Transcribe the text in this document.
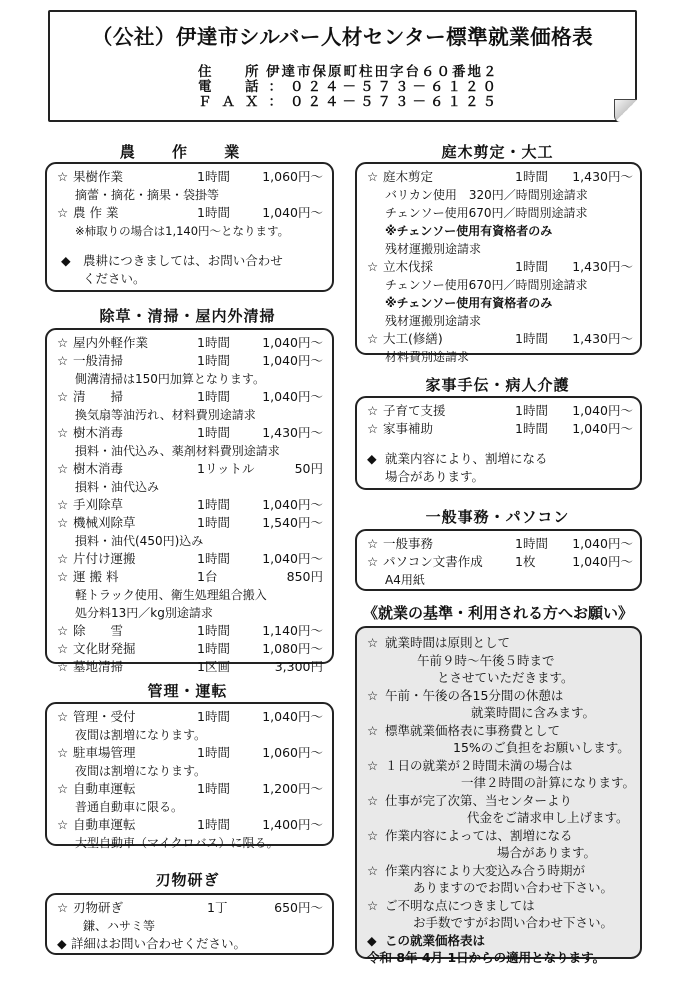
（公社）伊達市シルバー人材センター標準就業価格表
住　所：
伊達市保原町柱田字台６０番地２
電　話：
０２４－５７３－６１２０
ＦＡＸ：
０２４－５７３－６１２５
農 作 業
☆ 果樹作業	1時間	1,060円～
摘蕾・摘花・摘果・袋掛等
☆ 農 作 業	1時間	1,040円～
※柿取りの場合は1,140円～となります。
◆ 農耕につきましては、お問い合わせ
ください。
除草・清掃・屋内外清掃
☆ 屋内外軽作業	1時間	1,040円～
☆ 一般清掃	1時間	1,040円～
側溝清掃は150円加算となります。
☆ 清　　掃	1時間	1,040円～
換気扇等油汚れ、材料費別途請求
☆ 樹木消毒	1時間	1,430円～
損料・油代込み、薬剤材料費別途請求
☆ 樹木消毒	1リットル	50円
損料・油代込み
☆ 手刈除草	1時間	1,040円～
☆ 機械刈除草	1時間	1,540円～
損料・油代(450円)込み
☆ 片付け運搬	1時間	1,040円～
☆ 運 搬 料	1台	850円
軽トラック使用、衛生処理組合搬入
処分料13円／kg別途請求
☆ 除　　雪	1時間	1,140円～
☆ 文化財発掘	1時間	1,080円～
☆ 墓地清掃	1区画	3,300円
管理・運転
☆ 管理・受付	1時間	1,040円～
夜間は割増になります。
☆ 駐車場管理	1時間	1,060円～
夜間は割増になります。
☆ 自動車運転	1時間	1,200円～
普通自動車に限る。
☆ 自動車運転	1時間	1,400円～
大型自動車（マイクロバス）に限る。
刃物研ぎ
☆ 刃物研ぎ	1丁	650円～
鎌、ハサミ等
◆ 詳細はお問い合わせください。
庭木剪定・大工
☆ 庭木剪定	1時間	1,430円～
バリカン使用　320円／時間別途請求
チェンソー使用670円／時間別途請求
※チェンソー使用有資格者のみ
残材運搬別途請求
☆ 立木伐採	1時間	1,430円～
チェンソー使用670円／時間別途請求
※チェンソー使用有資格者のみ
残材運搬別途請求
☆ 大工(修繕)	1時間	1,430円～
材料費別途請求
家事手伝・病人介護
☆ 子育て支援	1時間	1,040円～
☆ 家事補助	1時間	1,040円～
◆ 就業内容により、割増になる
場合があります。
一般事務・パソコン
☆ 一般事務	1時間	1,040円～
☆ パソコン文書作成	1枚	1,040円～
A4用紙
《就業の基準・利用される方へお願い》
☆ 就業時間は原則として
午前９時～午後５時まで
とさせていただきます。
☆ 午前・午後の各15分間の休憩は
就業時間に含みます。
☆ 標準就業価格表に事務費として
15%のご負担をお願いします。
☆ １日の就業が２時間未満の場合は
一律２時間の計算になります。
☆ 仕事が完了次第、当センターより
代金をご請求申し上げます。
☆ 作業内容によっては、割増になる
場合があります。
☆ 作業内容により大変込み合う時期が
ありますのでお問い合わせ下さい。
☆ ご不明な点につきましては
お手数ですがお問い合わせ下さい。
◆ この就業価格表は
令和 8年 4月 1日からの適用となります。
